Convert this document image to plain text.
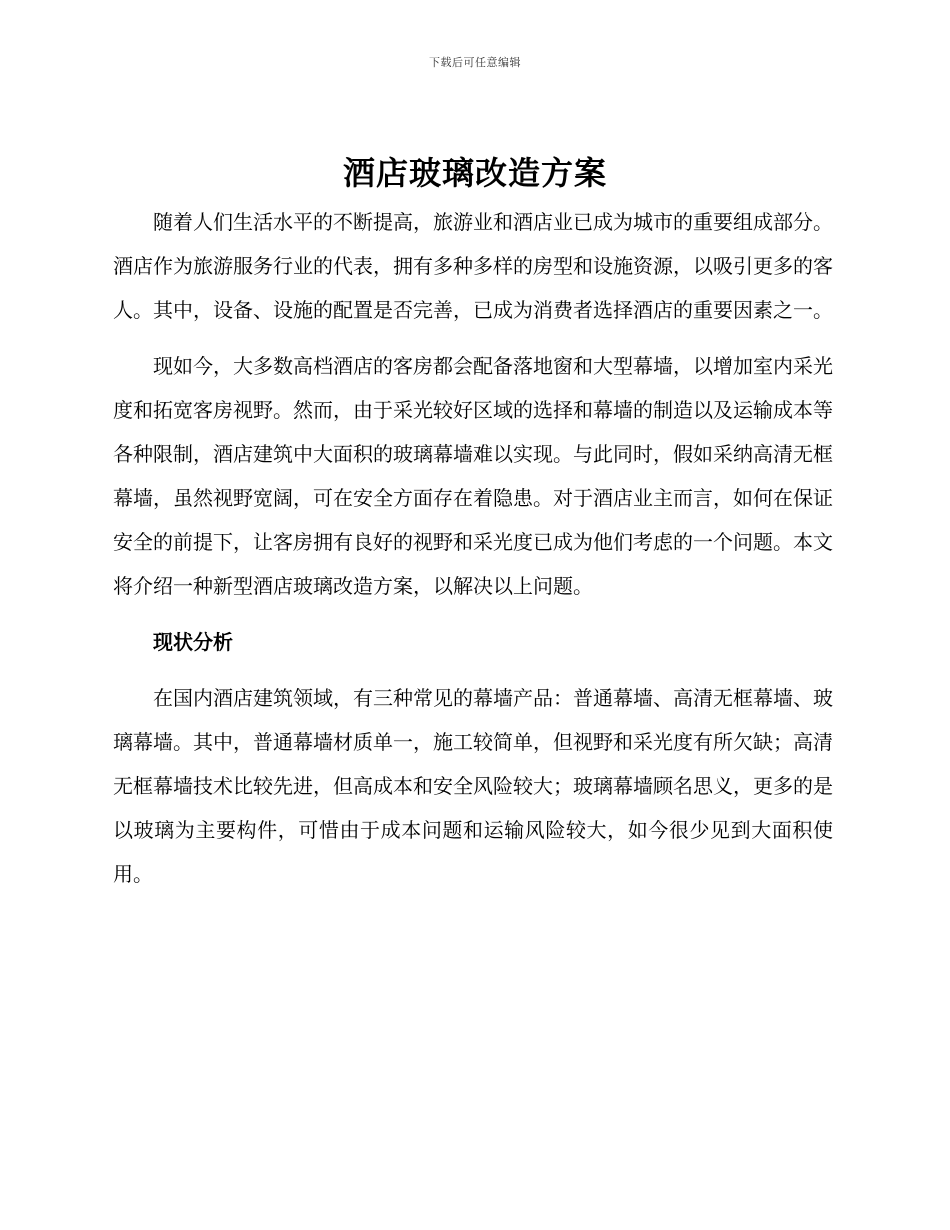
下载后可任意编辑
酒店玻璃改造方案

随着人们生活水平的不断提高，旅游业和酒店业已成为城市的重要组成部分。酒店作为旅游服务行业的代表，拥有多种多样的房型和设施资源，以吸引更多的客人。其中，设备、设施的配置是否完善，已成为消费者选择酒店的重要因素之一。

现如今，大多数高档酒店的客房都会配备落地窗和大型幕墙，以增加室内采光度和拓宽客房视野。然而，由于采光较好区域的选择和幕墙的制造以及运输成本等各种限制，酒店建筑中大面积的玻璃幕墙难以实现。与此同时，假如采纳高清无框幕墙，虽然视野宽阔，可在安全方面存在着隐患。对于酒店业主而言，如何在保证安全的前提下，让客房拥有良好的视野和采光度已成为他们考虑的一个问题。本文将介绍一种新型酒店玻璃改造方案，以解决以上问题。

现状分析

在国内酒店建筑领域，有三种常见的幕墙产品：普通幕墙、高清无框幕墙、玻璃幕墙。其中，普通幕墙材质单一，施工较简单，但视野和采光度有所欠缺；高清无框幕墙技术比较先进，但高成本和安全风险较大；玻璃幕墙顾名思义，更多的是以玻璃为主要构件，可惜由于成本问题和运输风险较大，如今很少见到大面积使用。
